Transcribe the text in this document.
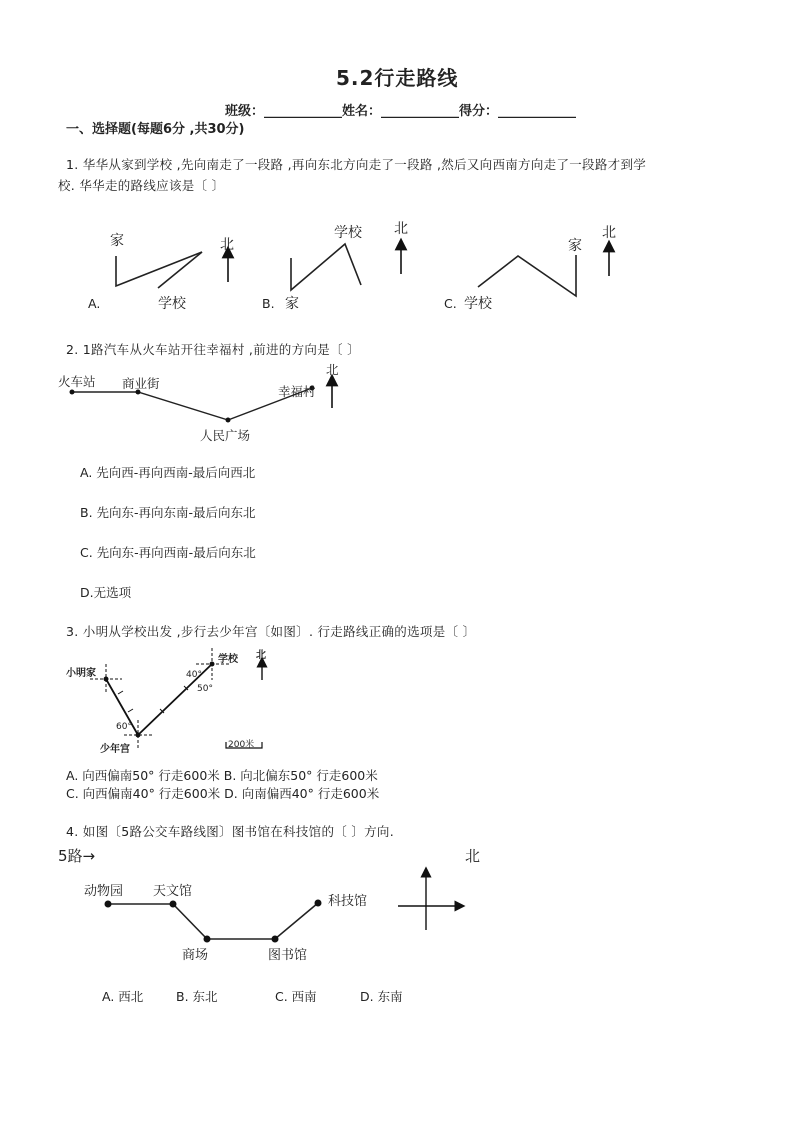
5.2行走路线
班级：____________姓名：____________得分：____________
一、选择题(每题6分 ,共30分)
1. 华华从家到学校 ,先向南走了一段路 ,再向东北方向走了一段路 ,然后又向西南方向走了一段路才到学
校. 华华走的路线应该是〔 〕
家	北
A.	学校
学校 北
B. 家
家
北
C. 学校
2. 1路汽车从火车站开往幸福村 ,前进的方向是〔 〕
火车站 商业街
人民广场
幸福村
北
A. 先向西-再向西南-最后向西北
B. 先向东-再向东南-最后向东北
C. 先向东-再向西南-最后向东北
D.无选项
3. 小明从学校出发 ,步行去少年宫〔如图〕. 行走路线正确的选项是〔 〕
小明家
学校
40°
50°
60°
少年宫
北
200米
A. 向西偏南50° 行走600米 B. 向北偏东50° 行走600米
C. 向西偏南40° 行走600米 D. 向南偏西40° 行走600米
4. 如图〔5路公交车路线图〕图书馆在科技馆的〔 〕方向.
5路→	北
动物园 天文馆
商场	图书馆
科技馆
A. 西北	B. 东北	C. 西南	D. 东南
